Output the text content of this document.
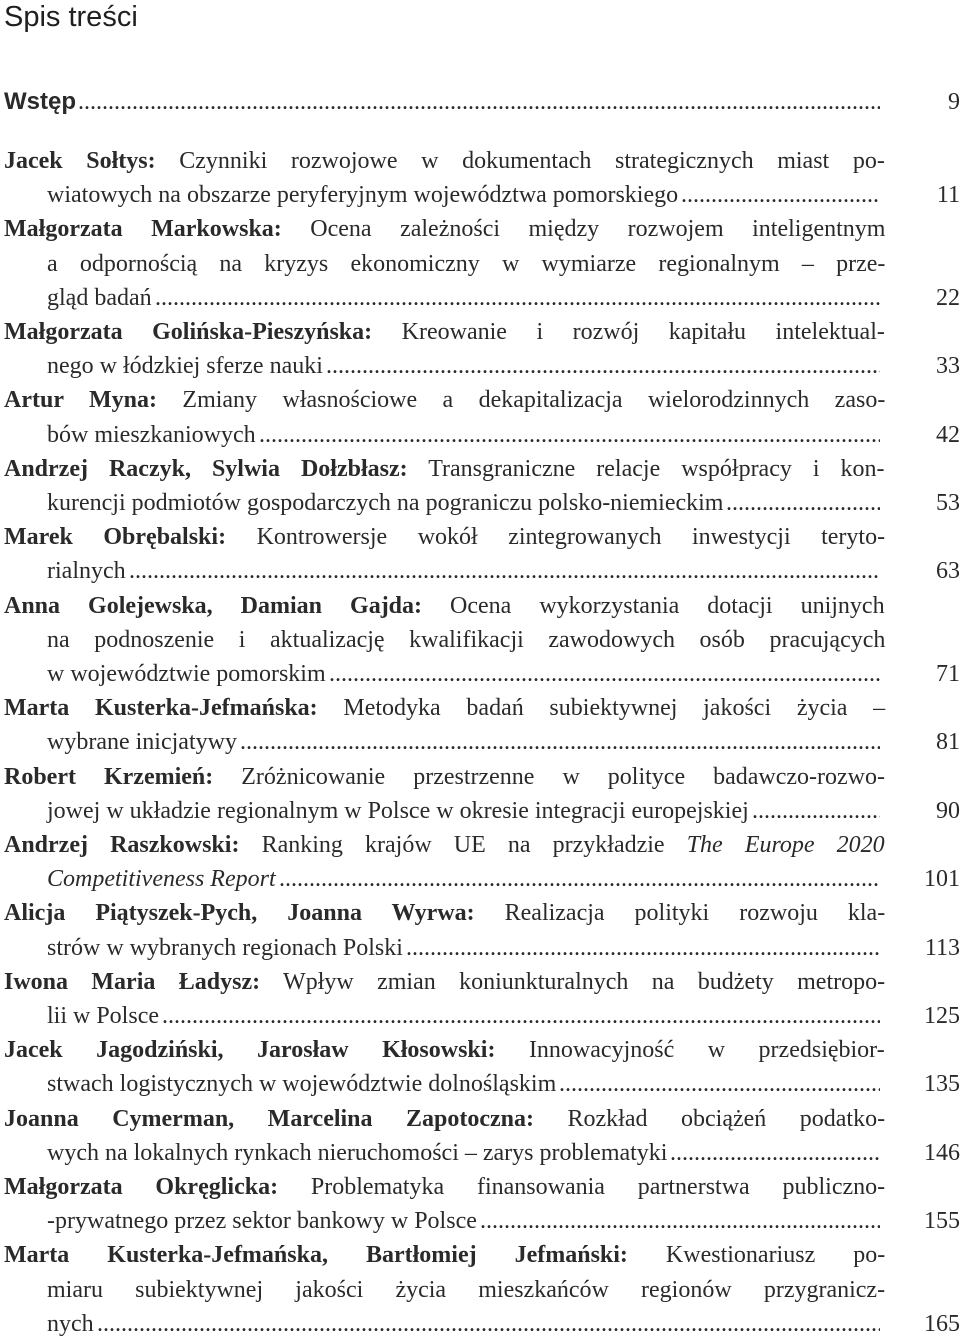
Spis treści
Wstęp .....	9
Jacek Sołtys: Czynniki rozwojowe w dokumentach strategicznych miast po-
wiatowych na obszarze peryferyjnym województwa pomorskiego .....	11
Małgorzata Markowska: Ocena zależności między rozwojem inteligentnym
a odpornością na kryzys ekonomiczny w wymiarze regionalnym – prze-
gląd badań .....	22
Małgorzata Golińska-Pieszyńska: Kreowanie i rozwój kapitału intelektual-
nego w łódzkiej sferze nauki .....	33
Artur Myna: Zmiany własnościowe a dekapitalizacja wielorodzinnych zaso-
bów mieszkaniowych .....	42
Andrzej Raczyk, Sylwia Dołzbłasz: Transgraniczne relacje współpracy i kon-
kurencji podmiotów gospodarczych na pograniczu polsko-niemieckim .....	53
Marek Obrębalski: Kontrowersje wokół zintegrowanych inwestycji teryto-
rialnych .....	63
Anna Golejewska, Damian Gajda: Ocena wykorzystania dotacji unijnych
na podnoszenie i aktualizację kwalifikacji zawodowych osób pracujących
w województwie pomorskim .....	71
Marta Kusterka-Jefmańska: Metodyka badań subiektywnej jakości życia –
wybrane inicjatywy .....	81
Robert Krzemień: Zróżnicowanie przestrzenne w polityce badawczo-rozwo-
jowej w układzie regionalnym w Polsce w okresie integracji europejskiej .....	90
Andrzej Raszkowski: Ranking krajów UE na przykładzie The Europe 2020
Competitiveness Report .....	101
Alicja Piątyszek-Pych, Joanna Wyrwa: Realizacja polityki rozwoju kla-
strów w wybranych regionach Polski .....	113
Iwona Maria Ładysz: Wpływ zmian koniunkturalnych na budżety metropo-
lii w Polsce .....	125
Jacek Jagodziński, Jarosław Kłosowski: Innowacyjność w przedsiębior-
stwach logistycznych w województwie dolnośląskim .....	135
Joanna Cymerman, Marcelina Zapotoczna: Rozkład obciążeń podatko-
wych na lokalnych rynkach nieruchomości – zarys problematyki .....	146
Małgorzata Okręglicka: Problematyka finansowania partnerstwa publiczno-
-prywatnego przez sektor bankowy w Polsce .....	155
Marta Kusterka-Jefmańska, Bartłomiej Jefmański: Kwestionariusz po-
miaru subiektywnej jakości życia mieszkańców regionów przygranicz-
nych .....	165
